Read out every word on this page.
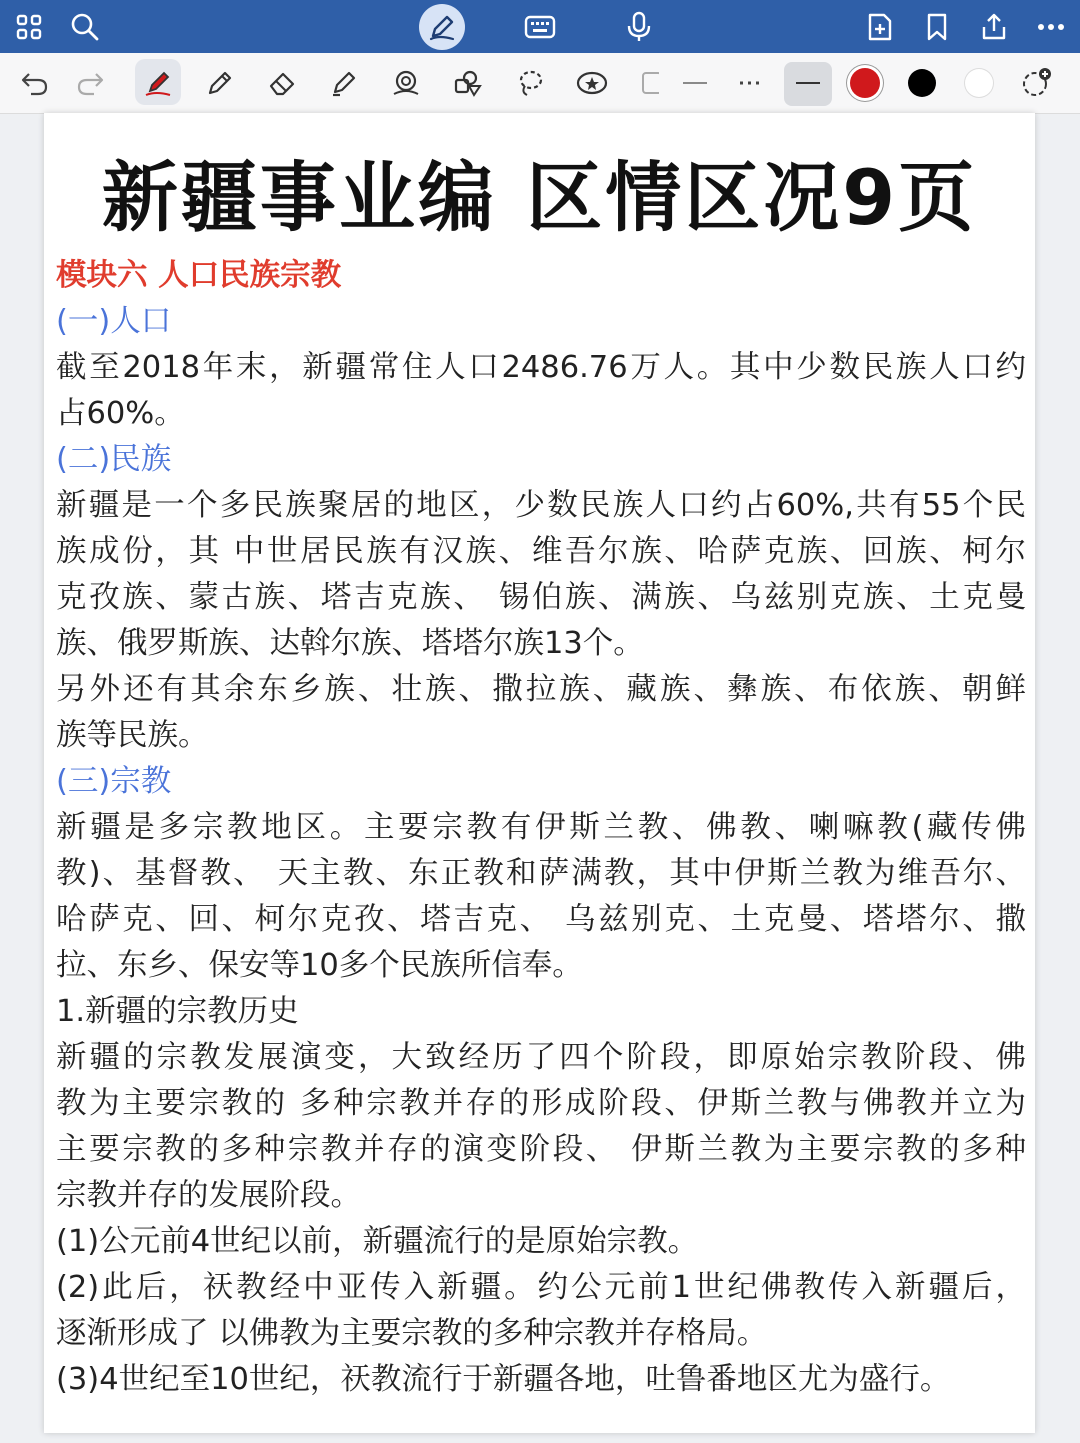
新疆事业编 区情区况9页

模块六 人口民族宗教

(一)人口

截至2018年末，新疆常住人口2486.76万人。其中少数民族人口约

占60%。

(二)民族

新疆是一个多民族聚居的地区，少数民族人口约占60%,共有55个民

族成份，其 中世居民族有汉族、维吾尔族、哈萨克族、回族、柯尔

克孜族、蒙古族、塔吉克族、 锡伯族、满族、乌兹别克族、土克曼

族、俄罗斯族、达斡尔族、塔塔尔族13个。

另外还有其余东乡族、壮族、撒拉族、藏族、彝族、布依族、朝鲜

族等民族。

(三)宗教

新疆是多宗教地区。主要宗教有伊斯兰教、佛教、喇嘛教(藏传佛

教)、基督教、 天主教、东正教和萨满教，其中伊斯兰教为维吾尔、

哈萨克、回、柯尔克孜、塔吉克、 乌兹别克、土克曼、塔塔尔、撒

拉、东乡、保安等10多个民族所信奉。

1.新疆的宗教历史

新疆的宗教发展演变，大致经历了四个阶段，即原始宗教阶段、佛

教为主要宗教的 多种宗教并存的形成阶段、伊斯兰教与佛教并立为

主要宗教的多种宗教并存的演变阶段、 伊斯兰教为主要宗教的多种

宗教并存的发展阶段。

(1)公元前4世纪以前，新疆流行的是原始宗教。

(2)此后，祆教经中亚传入新疆。约公元前1世纪佛教传入新疆后，

逐渐形成了 以佛教为主要宗教的多种宗教并存格局。

(3)4世纪至10世纪，祆教流行于新疆各地，吐鲁番地区尤为盛行。
